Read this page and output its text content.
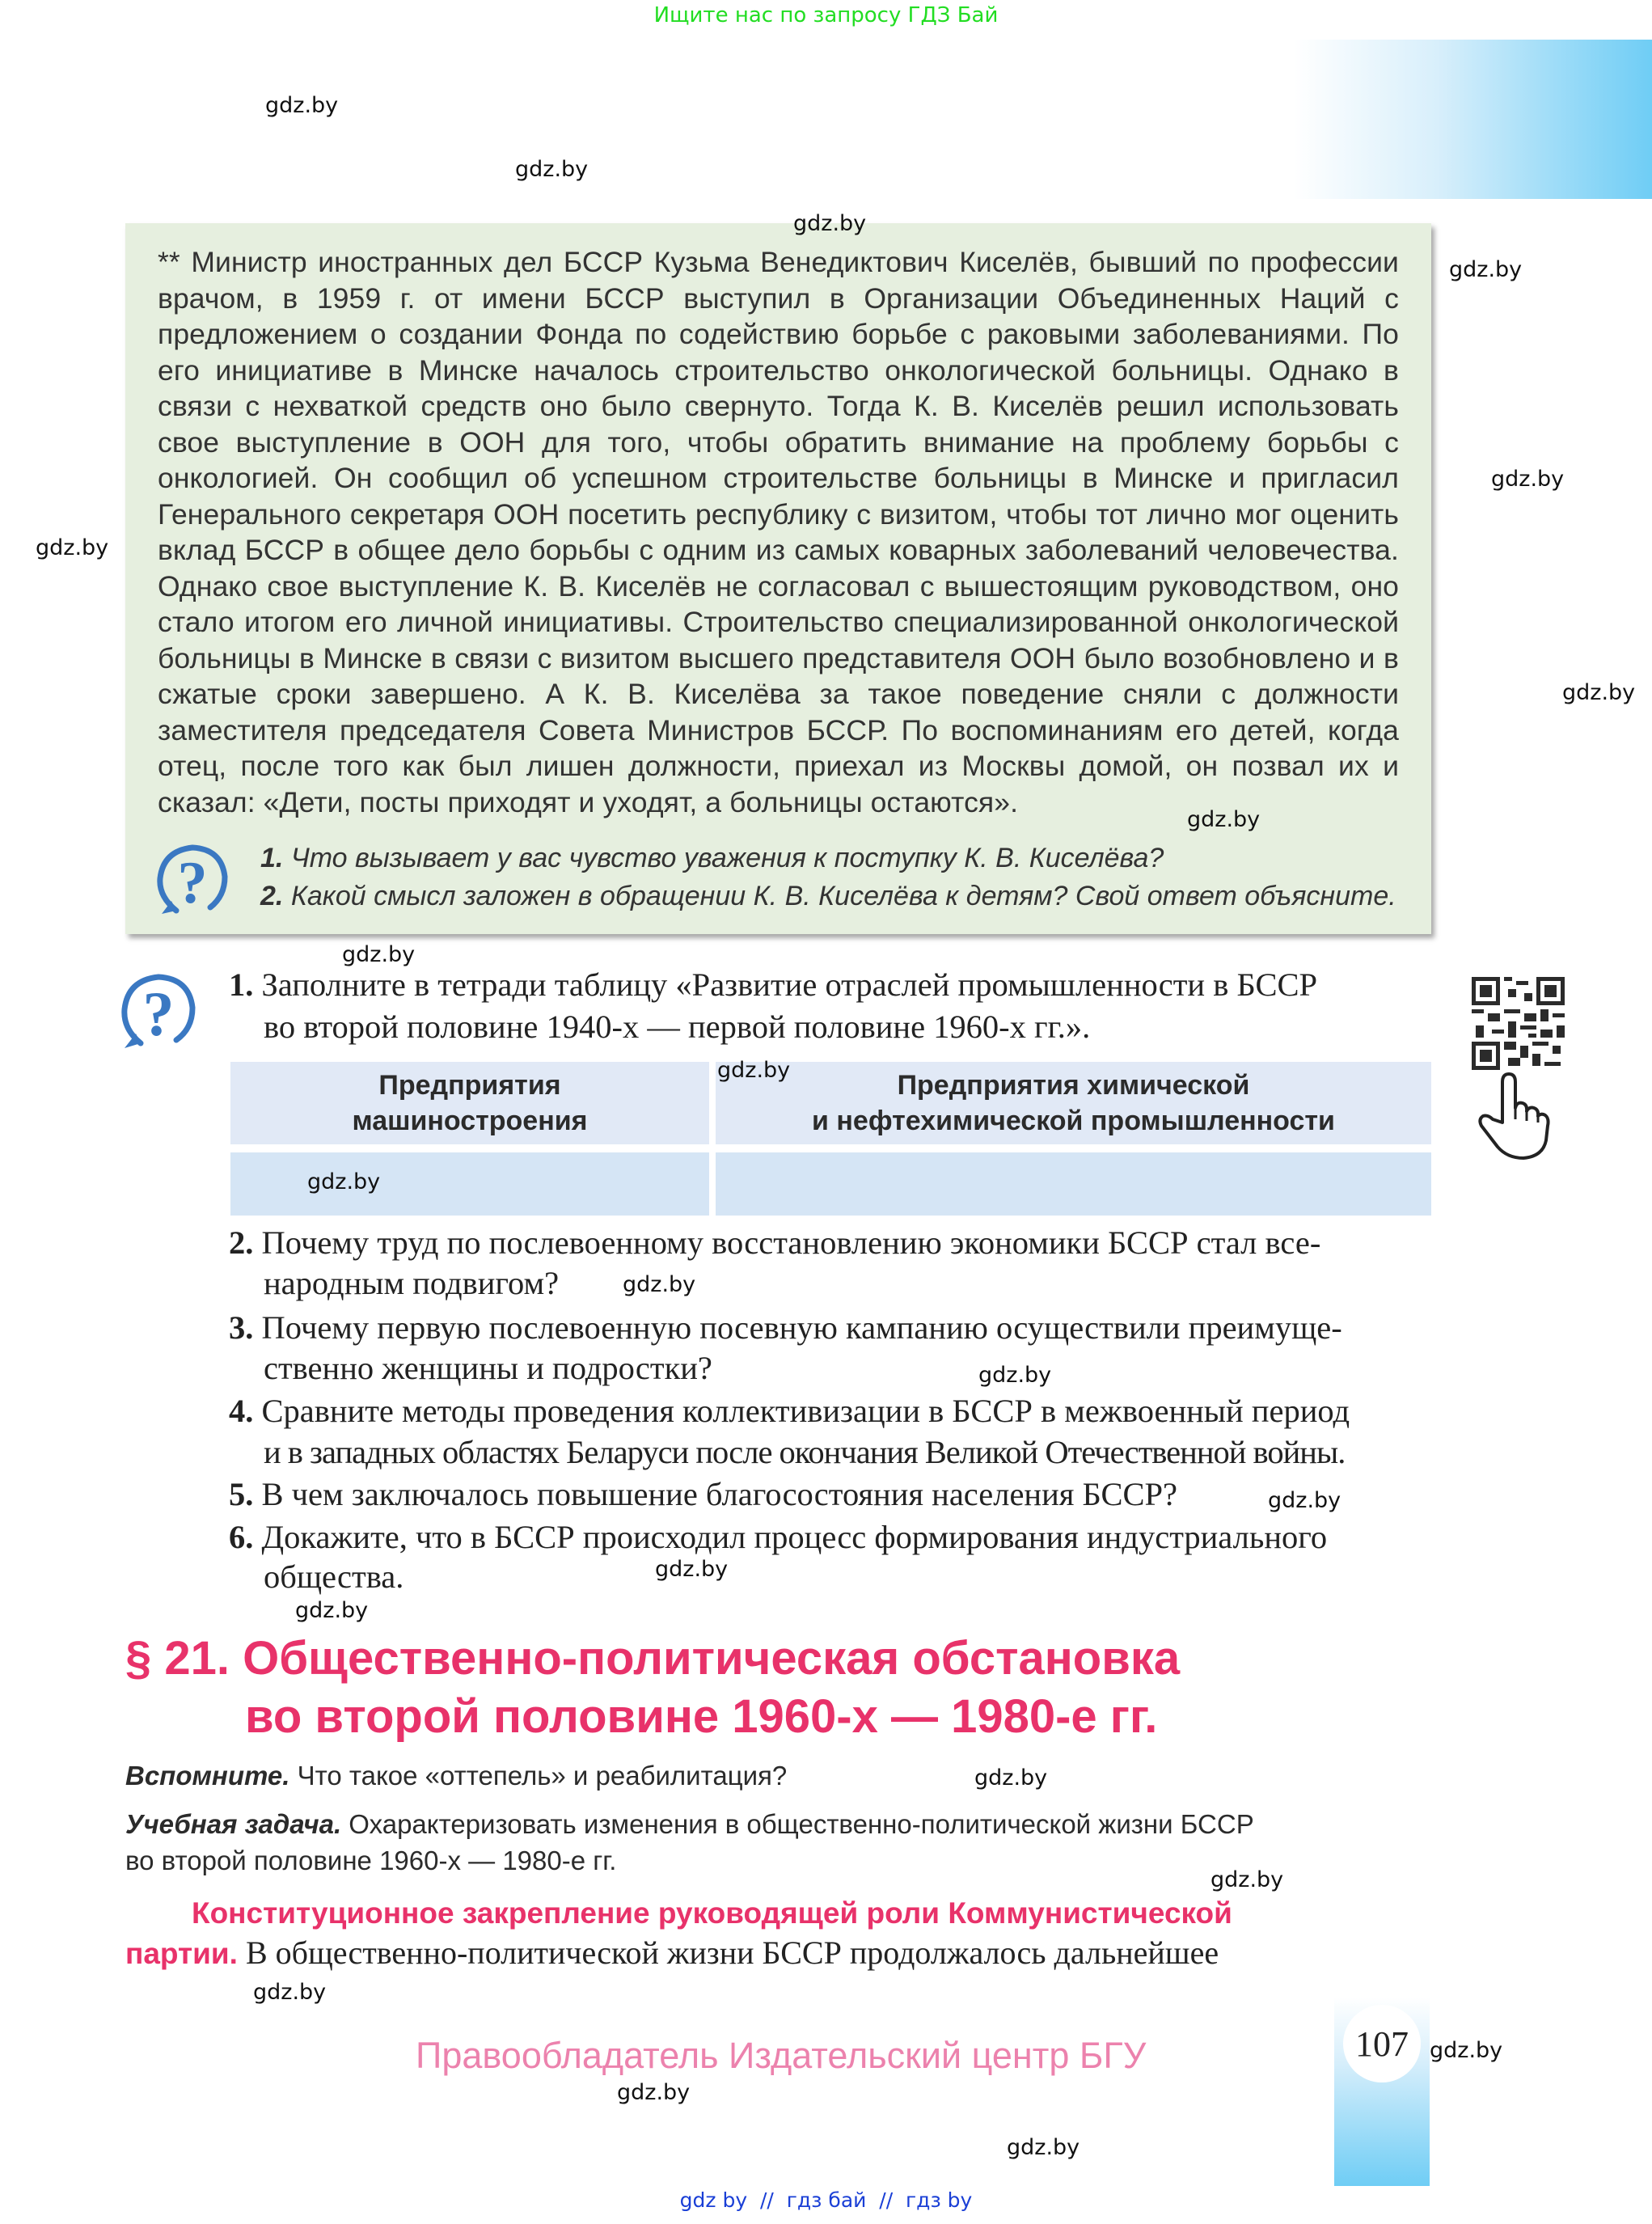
Ищите нас по запросу ГДЗ Бай
** Министр иностранных дел БССР Кузьма Венедиктович Киселёв, бывший по профессии врачом, в 1959 г. от имени БССР выступил в Организации Объединенных Наций с предложением о создании Фонда по содействию борьбе с раковыми заболеваниями. По его инициативе в Минске началось строительство онкологической больницы. Однако в связи с нехваткой средств оно было свернуто. Тогда К. В. Киселёв решил использовать свое выступление в ООН для того, чтобы обратить внимание на проблему борьбы с онкологией. Он сообщил об успешном строительстве больницы в Минске и пригласил Генерального секретаря ООН посетить республику с визитом, чтобы тот лично мог оценить вклад БССР в общее дело борьбы с одним из самых коварных заболеваний человечества. Однако свое выступление К. В. Киселёв не согласовал с вышестоящим руководством, оно стало итогом его личной инициативы. Строительство специализированной онкологической больницы в Минске в связи с визитом высшего представителя ООН было возобновлено и в сжатые сроки завершено. А К. В. Киселёва за такое поведение сняли с должности заместителя председателя Совета Министров БССР. По воспоминаниям его детей, когда отец, после того как был лишен должности, приехал из Москвы домой, он позвал их и сказал: «Дети, посты приходят и уходят, а больницы остаются».
? 1. Что вызывает у вас чувство уважения к поступку К. В. Киселёва?
2. Какой смысл заложен в обращении К. В. Киселёва к детям? Свой ответ объясните.
? 1. Заполните в тетради таблицу «Развитие отраслей промышленности в БССР
во второй половине 1940-х — первой половине 1960-х гг.».
Предприятия
машиностроения
Предприятия химической
и нефтехимической промышленности
2. Почему труд по послевоенному восстановлению экономики БССР стал все-
народным подвигом?
3. Почему первую послевоенную посевную кампанию осуществили преимуще-
ственно женщины и подростки?
4. Сравните методы проведения коллективизации в БССР в межвоенный период
и в западных областях Беларуси после окончания Великой Отечественной войны.
5. В чем заключалось повышение благосостояния населения БССР?
6. Докажите, что в БССР происходил процесс формирования индустриального
общества.
§ 21. Общественно-политическая обстановка
во второй половине 1960-х — 1980-е гг.
Вспомните. Что такое «оттепель» и реабилитация?
Учебная задача. Охарактеризовать изменения в общественно-политической жизни БССР
во второй половине 1960-х — 1980-е гг.
Конституционное закрепление руководящей роли Коммунистической
партии. В общественно-политической жизни БССР продолжалось дальнейшее
Правообладатель Издательский центр БГУ	107
gdz by  //  гдз бай  //  гдз by
gdz.by
gdz.by
gdz.by
gdz.by
gdz.by
gdz.by
gdz.by
gdz.by
gdz.by
gdz.by
gdz.by
gdz.by
gdz.by
gdz.by
gdz.by
gdz.by
gdz.by
gdz.by
gdz.by
gdz.by
gdz.by
gdz.by
